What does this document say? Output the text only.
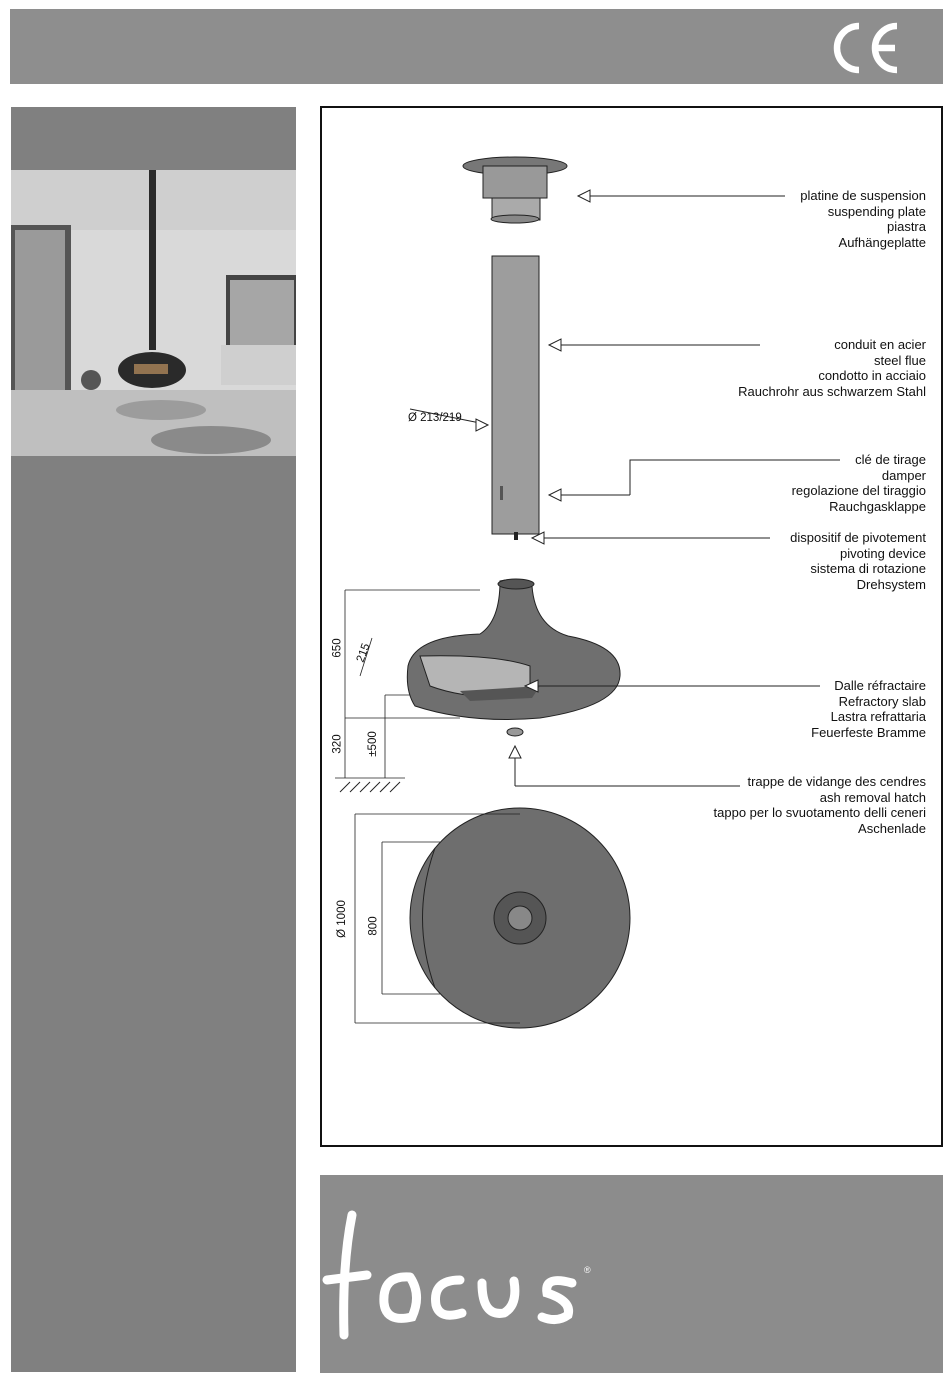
platine de suspension
suspending plate
piastra
Aufhängeplatte
conduit en acier
steel flue
condotto in acciaio
Rauchrohr aus schwarzem Stahl
clé de tirage
damper
regolazione del tiraggio
Rauchgasklappe
dispositif de pivotement
pivoting device
sistema di rotazione
Drehsystem
Dalle réfractaire
Refractory slab
Lastra refrattaria
Feuerfeste Bramme
trappe de vidange des cendres
ash removal hatch
tappo per lo svuotamento delli ceneri
Aschenlade
Ø 213/219
650 215
320 ±500
Ø 1000 800
®
